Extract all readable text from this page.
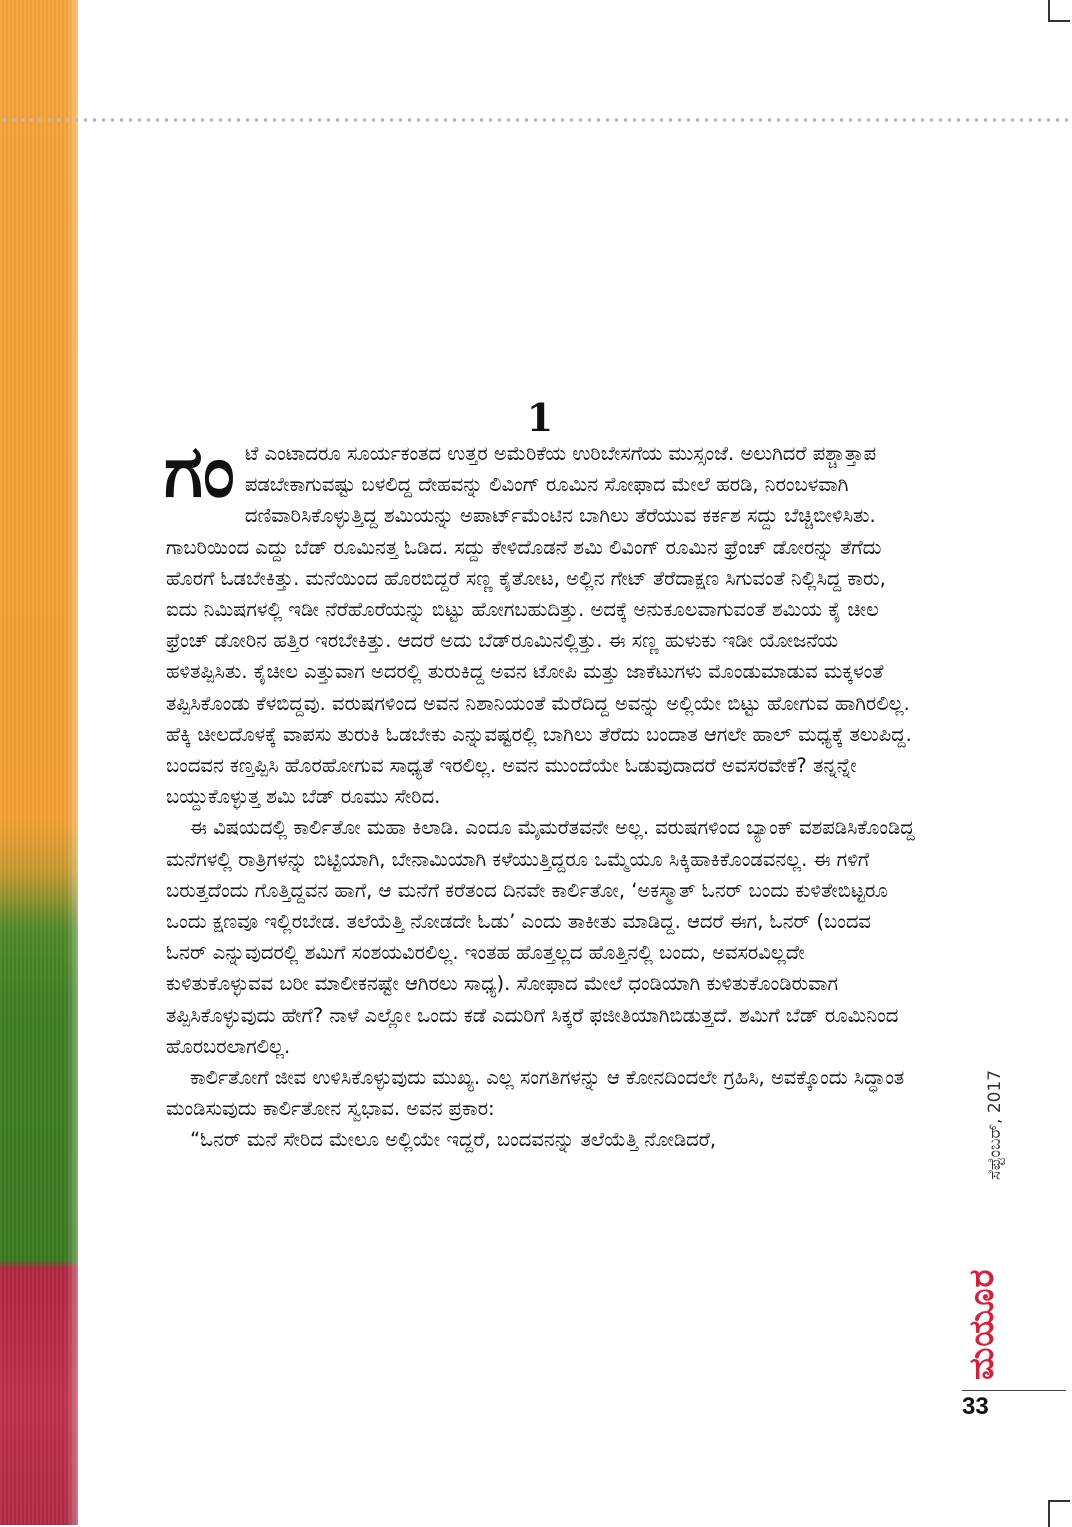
1

ಗಂಟೆ ಎಂಟಾದರೂ ಸೂರ್ಯಕಂತದ ಉತ್ತರ ಅಮೆರಿಕೆಯ ಉರಿಬೇಸಗೆಯ ಮುಸ್ಸಂಜೆ. ಅಲುಗಿದರೆ ಪಶ್ಚಾತ್ತಾಪ ಪಡಬೇಕಾಗುವಷ್ಟು ಬಳಲಿದ್ದ ದೇಹವನ್ನು ಲಿವಿಂಗ್ ರೂಮಿನ ಸೋಫಾದ ಮೇಲೆ ಹರಡಿ, ನಿರಂಬಳವಾಗಿ ದಣಿವಾರಿಸಿಕೊಳ್ಳುತ್ತಿದ್ದ ಶಮಿಯನ್ನು ಅಪಾರ್ಟ್‌ಮೆಂಟಿನ ಬಾಗಿಲು ತೆರೆಯುವ ಕರ್ಕಶ ಸದ್ದು ಬೆಚ್ಚಿಬೀಳಿಸಿತು. ಗಾಬರಿಯಿಂದ ಎದ್ದು ಬೆಡ್ ರೂಮಿನತ್ತ ಓಡಿದ. ಸದ್ದು ಕೇಳಿದೊಡನೆ ಶಮಿ ಲಿವಿಂಗ್ ರೂಮಿನ ಫ್ರೆಂಚ್ ಡೋರನ್ನು ತೆಗೆದು ಹೊರಗೆ ಓಡಬೇಕಿತ್ತು. ಮನೆಯಿಂದ ಹೊರಬಿದ್ದರೆ ಸಣ್ಣ ಕೈತೋಟ, ಅಲ್ಲಿನ ಗೇಟ್ ತೆರೆದಾಕ್ಷಣ ಸಿಗುವಂತೆ ನಿಲ್ಲಿಸಿದ್ದ ಕಾರು, ಐದು ನಿಮಿಷಗಳಲ್ಲಿ ಇಡೀ ನೆರೆಹೊರೆಯನ್ನು ಬಿಟ್ಟು ಹೋಗಬಹುದಿತ್ತು. ಅದಕ್ಕೆ ಅನುಕೂಲವಾಗುವಂತೆ ಶಮಿಯ ಕೈ ಚೀಲ ಫ್ರೆಂಚ್ ಡೋರಿನ ಹತ್ತಿರ ಇರಬೇಕಿತ್ತು. ಆದರೆ ಅದು ಬೆಡ್‌ರೂಮಿನಲ್ಲಿತ್ತು. ಈ ಸಣ್ಣ ಹುಳುಕು ಇಡೀ ಯೋಜನೆಯ ಹಳಿತಪ್ಪಿಸಿತು. ಕೈಚೀಲ ಎತ್ತುವಾಗ ಅದರಲ್ಲಿ ತುರುಕಿದ್ದ ಅವನ ಟೋಪಿ ಮತ್ತು ಜಾಕೆಟುಗಳು ಮೊಂಡುಮಾಡುವ ಮಕ್ಕಳಂತೆ ತಪ್ಪಿಸಿಕೊಂಡು ಕೆಳಬಿದ್ದವು. ವರುಷಗಳಿಂದ ಅವನ ನಿಶಾನಿಯಂತೆ ಮೆರೆದಿದ್ದ ಅವನ್ನು ಅಲ್ಲಿಯೇ ಬಿಟ್ಟು ಹೋಗುವ ಹಾಗಿರಲಿಲ್ಲ. ಹೆಕ್ಕಿ ಚೀಲದೊಳಕ್ಕೆ ವಾಪಸು ತುರುಕಿ ಓಡಬೇಕು ಎನ್ನುವಷ್ಟರಲ್ಲಿ ಬಾಗಿಲು ತೆರೆದು ಬಂದಾತ ಆಗಲೇ ಹಾಲ್ ಮಧ್ಯಕ್ಕೆ ತಲುಪಿದ್ದ. ಬಂದವನ ಕಣ್ತಪ್ಪಿಸಿ ಹೊರಹೋಗುವ ಸಾಧ್ಯತೆ ಇರಲಿಲ್ಲ. ಅವನ ಮುಂದೆಯೇ ಓಡುವುದಾದರೆ ಅವಸರವೇಕೆ? ತನ್ನನ್ನೇ ಬಯ್ದುಕೊಳ್ಳುತ್ತ ಶಮಿ ಬೆಡ್ ರೂಮು ಸೇರಿದ.

ಈ ವಿಷಯದಲ್ಲಿ ಕಾರ್ಲಿತೋ ಮಹಾ ಕಿಲಾಡಿ. ಎಂದೂ ಮೈಮರೆತವನೇ ಅಲ್ಲ. ವರುಷಗಳಿಂದ ಬ್ಯಾಂಕ್ ವಶಪಡಿಸಿಕೊಂಡಿದ್ದ ಮನೆಗಳಲ್ಲಿ ರಾತ್ರಿಗಳನ್ನು ಬಿಟ್ಟಿಯಾಗಿ, ಬೇನಾಮಿಯಾಗಿ ಕಳೆಯುತ್ತಿದ್ದರೂ ಒಮ್ಮೆಯೂ ಸಿಕ್ಕಿಹಾಕಿಕೊಂಡವನಲ್ಲ. ಈ ಗಳಿಗೆ ಬರುತ್ತದೆಂದು ಗೊತ್ತಿದ್ದವನ ಹಾಗೆ, ಆ ಮನೆಗೆ ಕರೆತಂದ ದಿನವೇ ಕಾರ್ಲಿತೋ, ‘ಅಕಸ್ಮಾತ್ ಓನರ್ ಬಂದು ಕುಳಿತೇಬಿಟ್ಟರೂ ಒಂದು ಕ್ಷಣವೂ ಇಲ್ಲಿರಬೇಡ. ತಲೆಯೆತ್ತಿ ನೋಡದೇ ಓಡು’ ಎಂದು ತಾಕೀತು ಮಾಡಿದ್ದ. ಆದರೆ ಈಗ, ಓನರ್ (ಬಂದವ ಓನರ್ ಎನ್ನುವುದರಲ್ಲಿ ಶಮಿಗೆ ಸಂಶಯವಿರಲಿಲ್ಲ. ಇಂತಹ ಹೊತ್ತಲ್ಲದ ಹೊತ್ತಿನಲ್ಲಿ ಬಂದು, ಅವಸರವಿಲ್ಲದೇ ಕುಳಿತುಕೊಳ್ಳುವವ ಬರೀ ಮಾಲೀಕನಷ್ಟೇ ಆಗಿರಲು ಸಾಧ್ಯ). ಸೋಫಾದ ಮೇಲೆ ಧಂಡಿಯಾಗಿ ಕುಳಿತುಕೊಂಡಿರುವಾಗ ತಪ್ಪಿಸಿಕೊಳ್ಳುವುದು ಹೇಗೆ? ನಾಳೆ ಎಲ್ಲೋ ಒಂದು ಕಡೆ ಎದುರಿಗೆ ಸಿಕ್ಕರೆ ಫಜೀತಿಯಾಗಿಬಿಡುತ್ತದೆ. ಶಮಿಗೆ ಬೆಡ್ ರೂಮಿನಿಂದ ಹೊರಬರಲಾಗಲಿಲ್ಲ.

ಕಾರ್ಲಿತೋಗೆ ಜೀವ ಉಳಿಸಿಕೊಳ್ಳುವುದು ಮುಖ್ಯ. ಎಲ್ಲ ಸಂಗತಿಗಳನ್ನು ಆ ಕೋನದಿಂದಲೇ ಗ್ರಹಿಸಿ, ಅವಕ್ಕೊಂದು ಸಿದ್ಧಾಂತ ಮಂಡಿಸುವುದು ಕಾರ್ಲಿತೋನ ಸ್ವಭಾವ. ಅವನ ಪ್ರಕಾರ:

“ಓನರ್ ಮನೆ ಸೇರಿದ ಮೇಲೂ ಅಲ್ಲಿಯೇ ಇದ್ದರೆ, ಬಂದವನನ್ನು ತಲೆಯೆತ್ತಿ ನೋಡಿದರೆ,	ಸೆಪ್ಟೆಂಬರ್, 2017
ಮಯೂರ
33
